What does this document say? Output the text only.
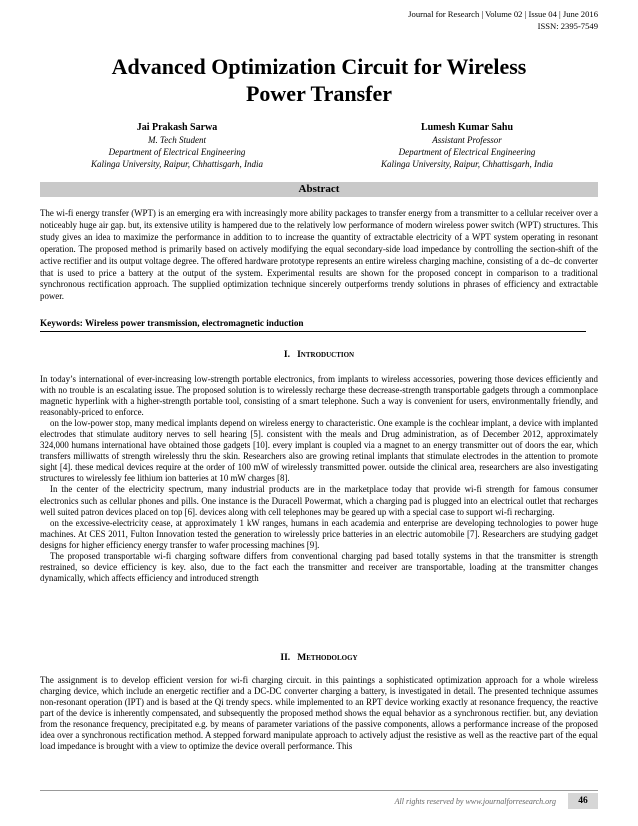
Journal for Research | Volume 02 | Issue 04 | June 2016
ISSN: 2395-7549
Advanced Optimization Circuit for Wireless
Power Transfer
Jai Prakash Sarwa
M. Tech Student
Department of Electrical Engineering
Kalinga University, Raipur, Chhattisgarh, India
Lumesh Kumar Sahu
Assistant Professor
Department of Electrical Engineering
Kalinga University, Raipur, Chhattisgarh, India
Abstract
The wi-fi energy transfer (WPT) is an emerging era with increasingly more ability packages to transfer energy from a transmitter to a cellular receiver over a noticeably huge air gap. but, its extensive utility is hampered due to the relatively low performance of modern wireless power switch (WPT) structures. This study gives an idea to maximize the performance in addition to to increase the quantity of extractable electricity of a WPT system operating in resonant operation. The proposed method is primarily based on actively modifying the equal secondary-side load impedance by controlling the section-shift of the active rectifier and its output voltage degree. The offered hardware prototype represents an entire wireless charging machine, consisting of a dc–dc converter that is used to price a battery at the output of the system. Experimental results are shown for the proposed concept in comparison to a traditional synchronous rectification approach. The supplied optimization technique sincerely outperforms trendy solutions in phrases of efficiency and extractable power.
Keywords: Wireless power transmission, electromagnetic induction
I. Introduction

In today’s international of ever-increasing low-strength portable electronics, from implants to wireless accessories, powering those devices efficiently and with no trouble is an escalating issue. The proposed solution is to wirelessly recharge these decrease-strength transportable gadgets through a commonplace magnetic hyperlink with a higher-strength portable tool, consisting of a smart telephone. Such a way is convenient for users, environmentally friendly, and reasonably-priced to enforce.

on the low-power stop, many medical implants depend on wireless energy to characteristic. One example is the cochlear implant, a device with implanted electrodes that stimulate auditory nerves to sell hearing [5]. consistent with the meals and Drug administration, as of December 2012, approximately 324,000 humans international have obtained those gadgets [10]. every implant is coupled via a magnet to an energy transmitter out of doors the ear, which transfers milliwatts of strength wirelessly thru the skin. Researchers also are growing retinal implants that stimulate electrodes in the attention to promote sight [4]. these medical devices require at the order of 100 mW of wirelessly transmitted power. outside the clinical area, researchers are also investigating structures to wirelessly fee lithium ion batteries at 10 mW charges [8].

In the center of the electricity spectrum, many industrial products are in the marketplace today that provide wi-fi strength for famous consumer electronics such as cellular phones and pills. One instance is the Duracell Powermat, which a charging pad is plugged into an electrical outlet that recharges well suited patron devices placed on top [6]. devices along with cell telephones may be geared up with a special case to support wi-fi recharging.

on the excessive-electricity cease, at approximately 1 kW ranges, humans in each academia and enterprise are developing technologies to power huge machines. At CES 2011, Fulton Innovation tested the generation to wirelessly price batteries in an electric automobile [7]. Researchers are studying gadget designs for higher efficiency energy transfer to wafer processing machines [9].

The proposed transportable wi-fi charging software differs from conventional charging pad based totally systems in that the transmitter is strength restrained, so device efficiency is key. also, due to the fact each the transmitter and receiver are transportable, loading at the transmitter changes dynamically, which affects efficiency and introduced strength

II. Methodology

The assignment is to develop efficient version for wi-fi charging circuit. in this paintings a sophisticated optimization approach for a whole wireless charging device, which include an energetic rectifier and a DC-DC converter charging a battery, is investigated in detail. The presented technique assumes non-resonant operation (IPT) and is based at the Qi trendy specs. while implemented to an RPT device working exactly at resonance frequency, the reactive part of the device is inherently compensated, and subsequently the proposed method shows the equal behavior as a synchronous rectifier. but, any deviation from the resonance frequency, precipitated e.g. by means of parameter variations of the passive components, allows a performance increase of the proposed idea over a synchronous rectification method. A stepped forward manipulate approach to actively adjust the resistive as well as the reactive part of the equal load impedance is brought with a view to optimize the device overall performance. This

All rights reserved by www.journalforresearch.org	46
